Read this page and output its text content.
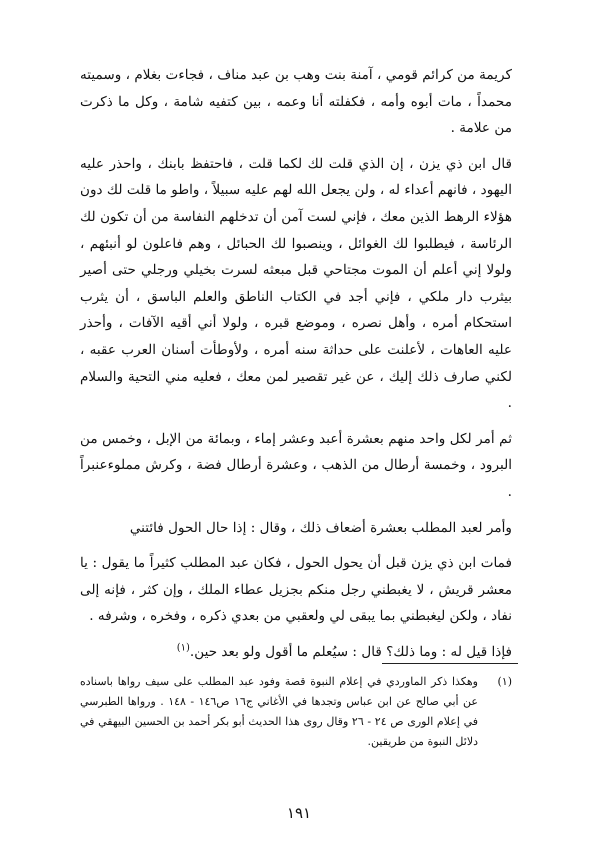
كريمة من كرائم قومي ، آمنة بنت وهب بن عبد مناف ، فجاءت بغلام ، وسميته محمداً ، مات أبوه وأمه ، فكفلته أنا وعمه ، بين كتفيه شامة ، وكل ما ذكرت من علامة .

قال ابن ذي يزن ، إن الذي قلت لك لكما قلت ، فاحتفظ بابنك ، واحذر عليه اليهود ، فانهم أعداء له ، ولن يجعل الله لهم عليه سبيلاً ، واطو ما قلت لك دون هؤلاء الرهط الذين معك ، فإني لست آمن أن تدخلهم النفاسة من أن تكون لك الرئاسة ، فيطلبوا لك الغوائل ، وينصبوا لك الحبائل ، وهم فاعلون لو أنبئهم ، ولولا إني أعلم أن الموت مجتاحي قبل مبعثه لسرت بخيلي ورجلي حتى أصير بيثرب دار ملكي ، فإني أجد في الكتاب الناطق والعلم الباسق ، أن يثرب استحكام أمره ، وأهل نصره ، وموضع قبره ، ولولا أني أقيه الآفات ، وأحذر عليه العاهات ، لأعلنت على حداثة سنه أمره ، ولأوطأت أسنان العرب عقبه ، لكني صارف ذلك إليك ، عن غير تقصير لمن معك ، فعليه مني التحية والسلام .

ثم أمر لكل واحد منهم بعشرة أعبد وعشر إماء ، وبمائة من الإبل ، وخمس من البرود ، وخمسة أرطال من الذهب ، وعشرة أرطال فضة ، وكرش مملوءعنبراً .

وأمر لعبد المطلب بعشرة أضعاف ذلك ، وقال : إذا حال الحول فائتني

فمات ابن ذي يزن قبل أن يحول الحول ، فكان عبد المطلب كثيراً ما يقول : يا معشر قريش ، لا يغبطني رجل منكم بجزيل عطاء الملك ، وإن كثر ، فإنه إلى نفاد ، ولكن ليغبطني بما يبقى لي ولعقبي من بعدي ذكره ، وفخره ، وشرفه .

فإذا قيل له : وما ذلك؟ قال : سيُعلم ما أقول ولو بعد حين.$^{(١)}$

(١)

وهكذا ذكر الماوردي في إعلام النبوة قصة وفود عبد المطلب على سيف رواها باسناده عن أبي صالح عن ابن عباس وتجدها في الأغاني ج١٦ ص١٤٦ - ١٤٨ . ورواها الطبرسي في إعلام الورى ص ٢٤ - ٢٦ وقال روى هذا الحديث أبو بكر أحمد بن الحسين البيهقي في دلائل النبوة من طريقين.

١٩١
